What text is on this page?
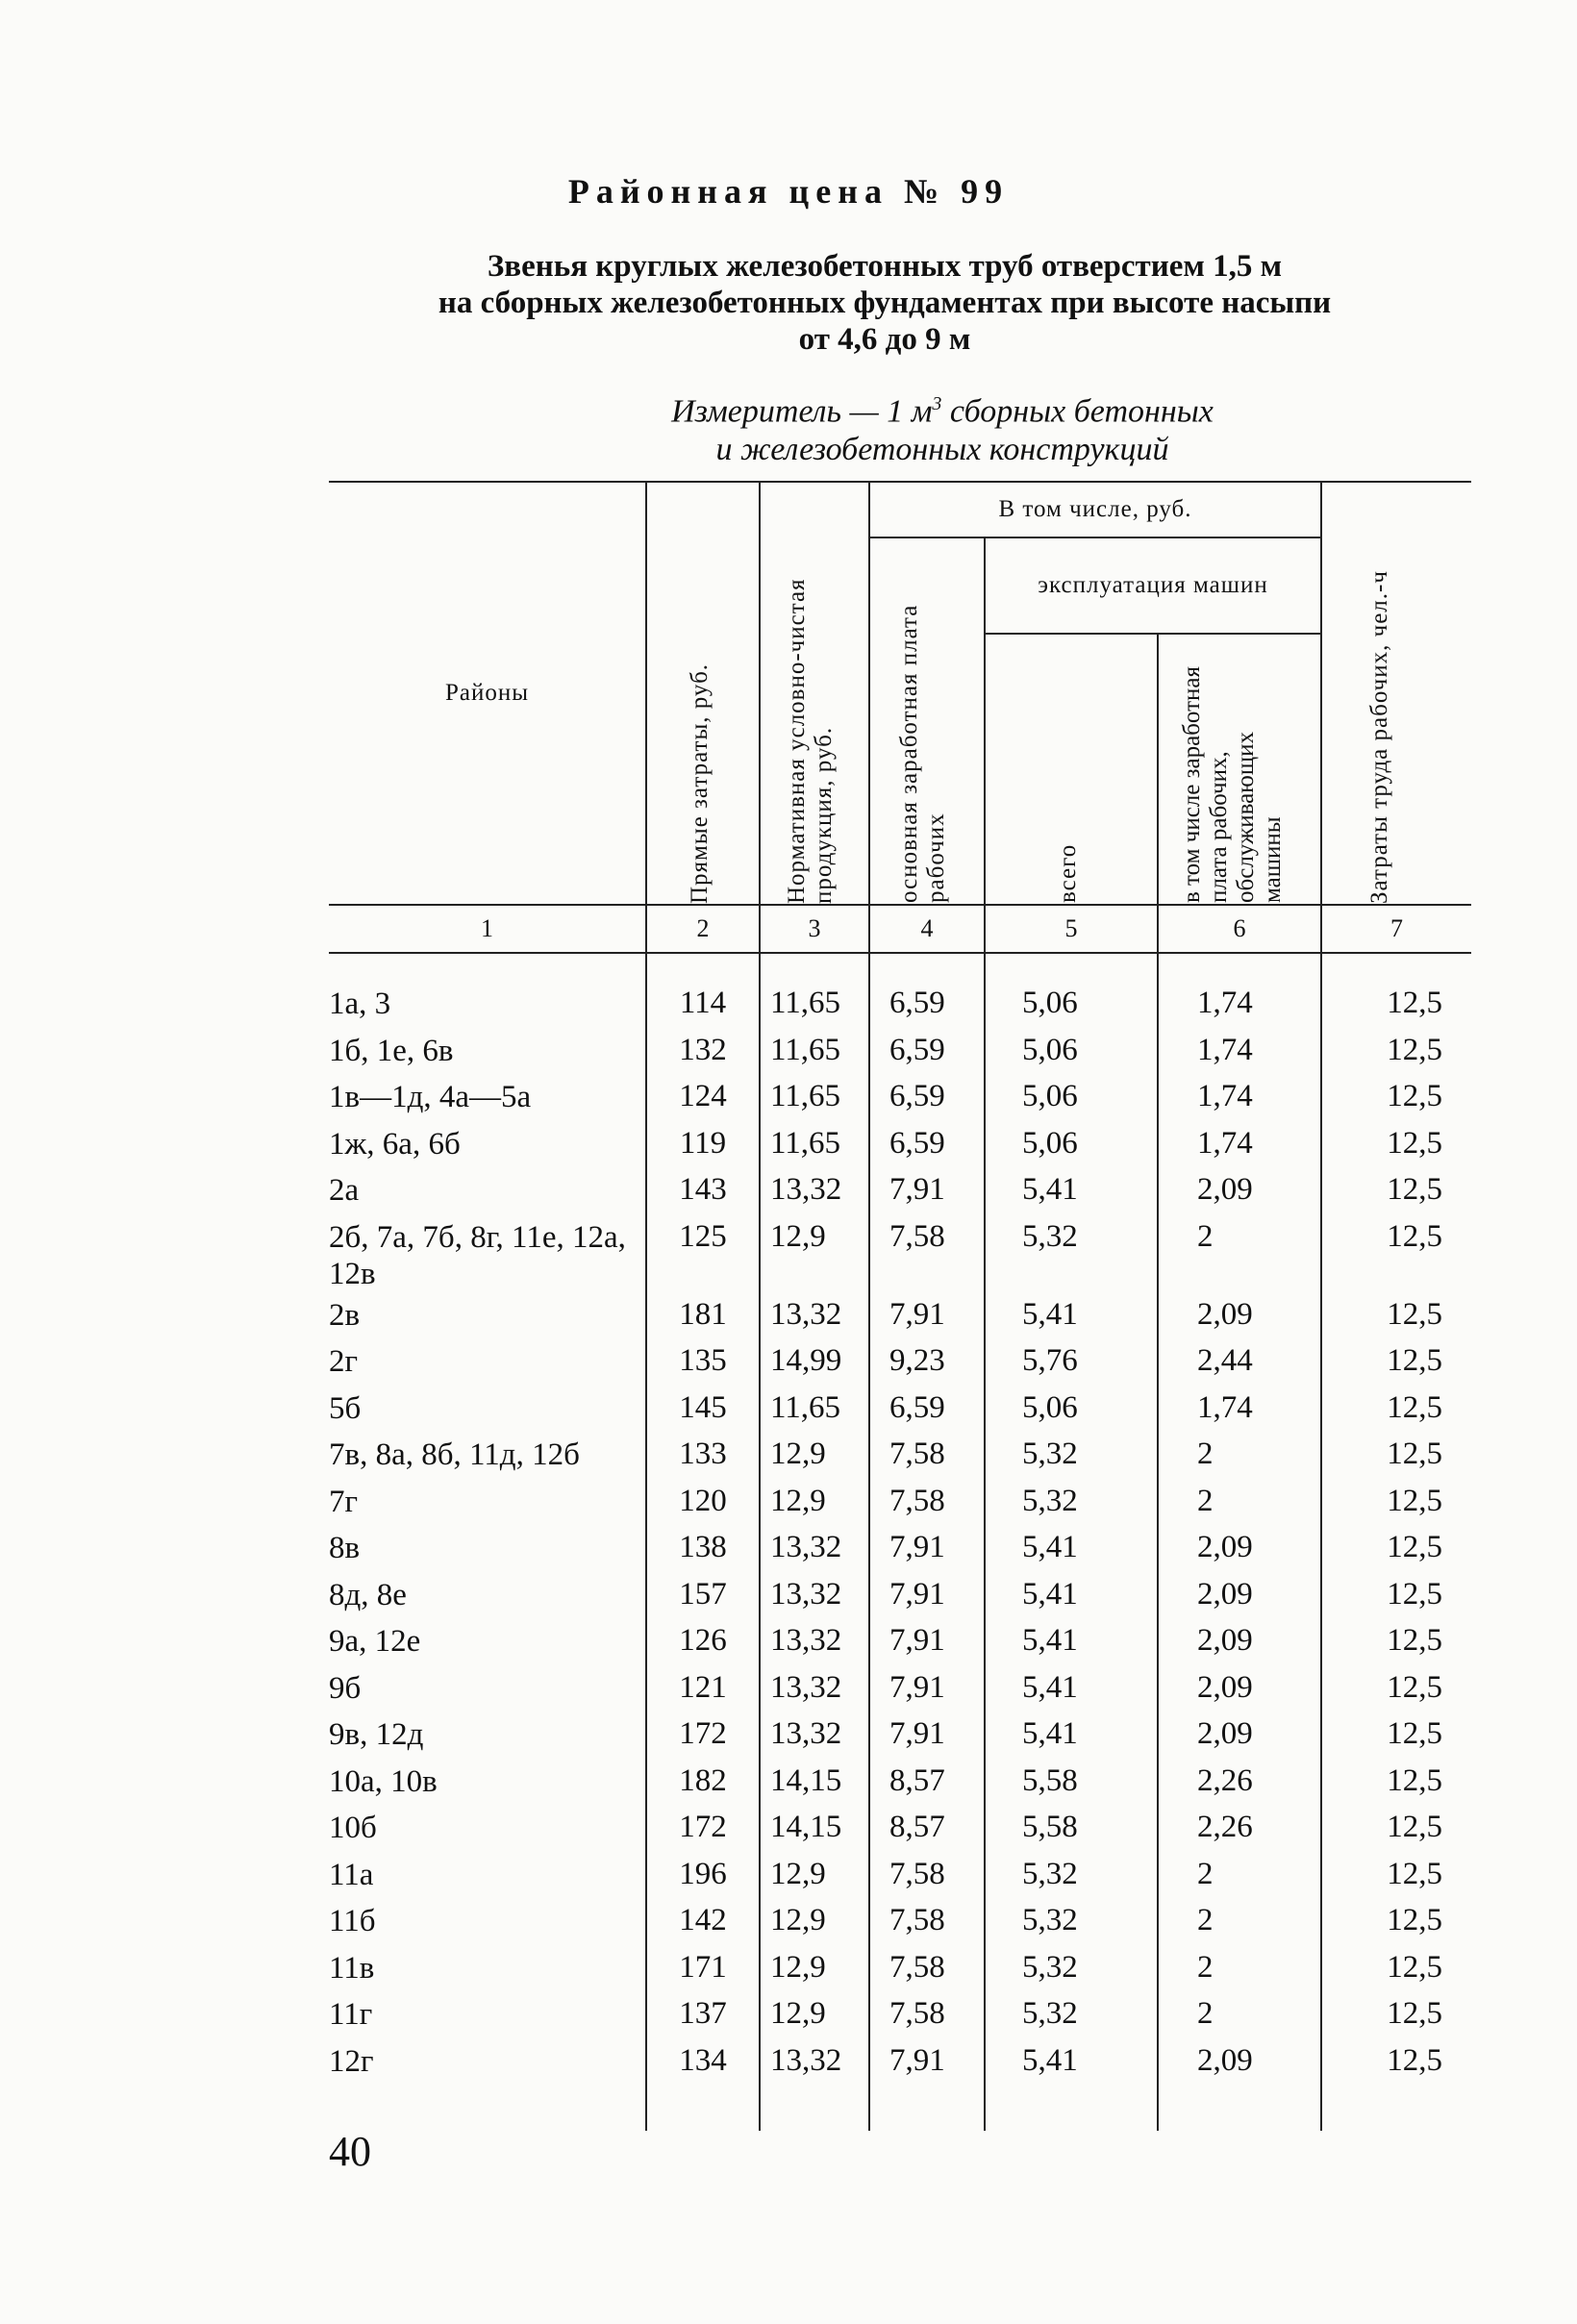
Районная цена № 99
Звенья круглых железобетонных труб отверстием 1,5 м
на сборных железобетонных фундаментах при высоте насыпи
от 4,6 до 9 м
Измеритель — 1 $м^3$ сборных бетонных
и железобетонных конструкций
Районы	Прямые затраты, руб.	Нормативная условно-чистая продукция, руб.	В том числе, руб.			Затраты труда рабочих, чел.-ч

			основная заработная плата рабочих	эксплуатация машин		

				всего	в том числе заработная плата рабочих, обслуживающих машины	

1	2	3	4	5	6	7

1а, 3	114	11,65	6,59	5,06	1,74	12,5
1б, 1е, 6в	132	11,65	6,59	5,06	1,74	12,5
1в—1д, 4а—5а	124	11,65	6,59	5,06	1,74	12,5
1ж, 6а, 6б	119	11,65	6,59	5,06	1,74	12,5
2а	143	13,32	7,91	5,41	2,09	12,5
2б, 7а, 7б, 8г, 11е, 12а, 12в	125	12,9	7,58	5,32	2	12,5
2в	181	13,32	7,91	5,41	2,09	12,5
2г	135	14,99	9,23	5,76	2,44	12,5
5б	145	11,65	6,59	5,06	1,74	12,5
7в, 8а, 8б, 11д, 12б	133	12,9	7,58	5,32	2	12,5
7г	120	12,9	7,58	5,32	2	12,5
8в	138	13,32	7,91	5,41	2,09	12,5
8д, 8е	157	13,32	7,91	5,41	2,09	12,5
9а, 12е	126	13,32	7,91	5,41	2,09	12,5
9б	121	13,32	7,91	5,41	2,09	12,5
9в, 12д	172	13,32	7,91	5,41	2,09	12,5
10а, 10в	182	14,15	8,57	5,58	2,26	12,5
10б	172	14,15	8,57	5,58	2,26	12,5
11а	196	12,9	7,58	5,32	2	12,5
11б	142	12,9	7,58	5,32	2	12,5
11в	171	12,9	7,58	5,32	2	12,5
11г	137	12,9	7,58	5,32	2	12,5
12г	134	13,32	7,91	5,41	2,09	12,5

40
